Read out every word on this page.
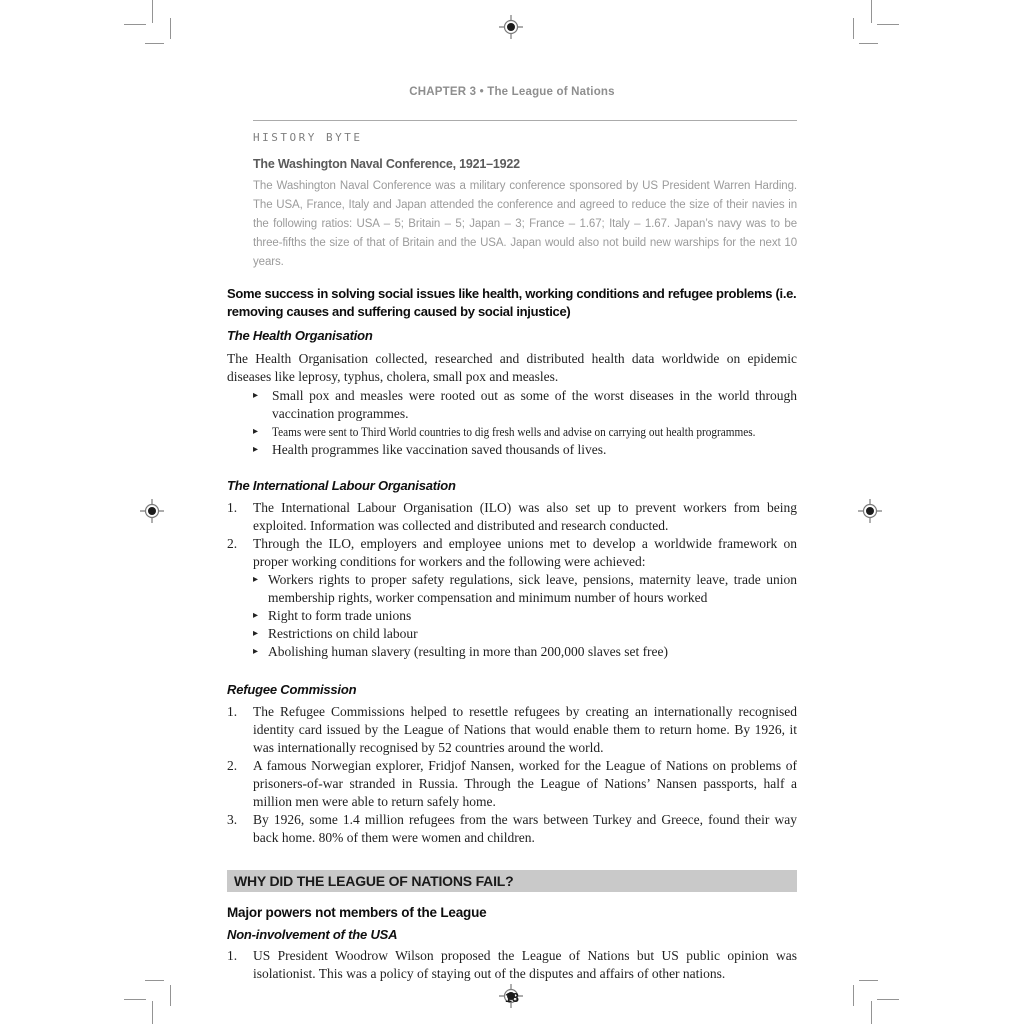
CHAPTER 3 • The League of Nations
HISTORY BYTE
The Washington Naval Conference, 1921–1922

The Washington Naval Conference was a military conference sponsored by US President Warren Harding. The USA, France, Italy and Japan attended the conference and agreed to reduce the size of their navies in the following ratios: USA – 5; Britain – 5; Japan – 3; France – 1.67; Italy – 1.67. Japan’s navy was to be three-fifths the size of that of Britain and the USA. Japan would also not build new warships for the next 10 years.

Some success in solving social issues like health, working conditions and refugee problems (i.e. removing causes and suffering caused by social injustice)
The Health Organisation

The Health Organisation collected, researched and distributed health data worldwide on epidemic diseases like leprosy, typhus, cholera, small pox and measles.

▸	Small pox and measles were rooted out as some of the worst diseases in the world through vaccination programmes.
▸	Teams were sent to Third World countries to dig fresh wells and advise on carrying out health programmes.
▸	Health programmes like vaccination saved thousands of lives.
The International Labour Organisation
1.	The International Labour Organisation (ILO) was also set up to prevent workers from being exploited. Information was collected and distributed and research conducted.
2.	Through the ILO, employers and employee unions met to develop a worldwide framework on proper working conditions for workers and the following were achieved:
▸ Workers rights to proper safety regulations, sick leave, pensions, maternity leave, trade union membership rights, worker compensation and minimum number of hours worked
▸ Right to form trade unions
▸ Restrictions on child labour
▸ Abolishing human slavery (resulting in more than 200,000 slaves set free)
Refugee Commission
1.	The Refugee Commissions helped to resettle refugees by creating an internationally recognised identity card issued by the League of Nations that would enable them to return home. By 1926, it was internationally recognised by 52 countries around the world.
2.	A famous Norwegian explorer, Fridjof Nansen, worked for the League of Nations on problems of prisoners-of-war stranded in Russia. Through the League of Nations’ Nansen passports, half a million men were able to return safely home.
3.	By 1926, some 1.4 million refugees from the wars between Turkey and Greece, found their way back home. 80% of them were women and children.
WHY DID THE LEAGUE OF NATIONS FAIL?
Major powers not members of the League
Non-involvement of the USA
1.	US President Woodrow Wilson proposed the League of Nations but US public opinion was isolationist. This was a policy of staying out of the disputes and affairs of other nations.
13
